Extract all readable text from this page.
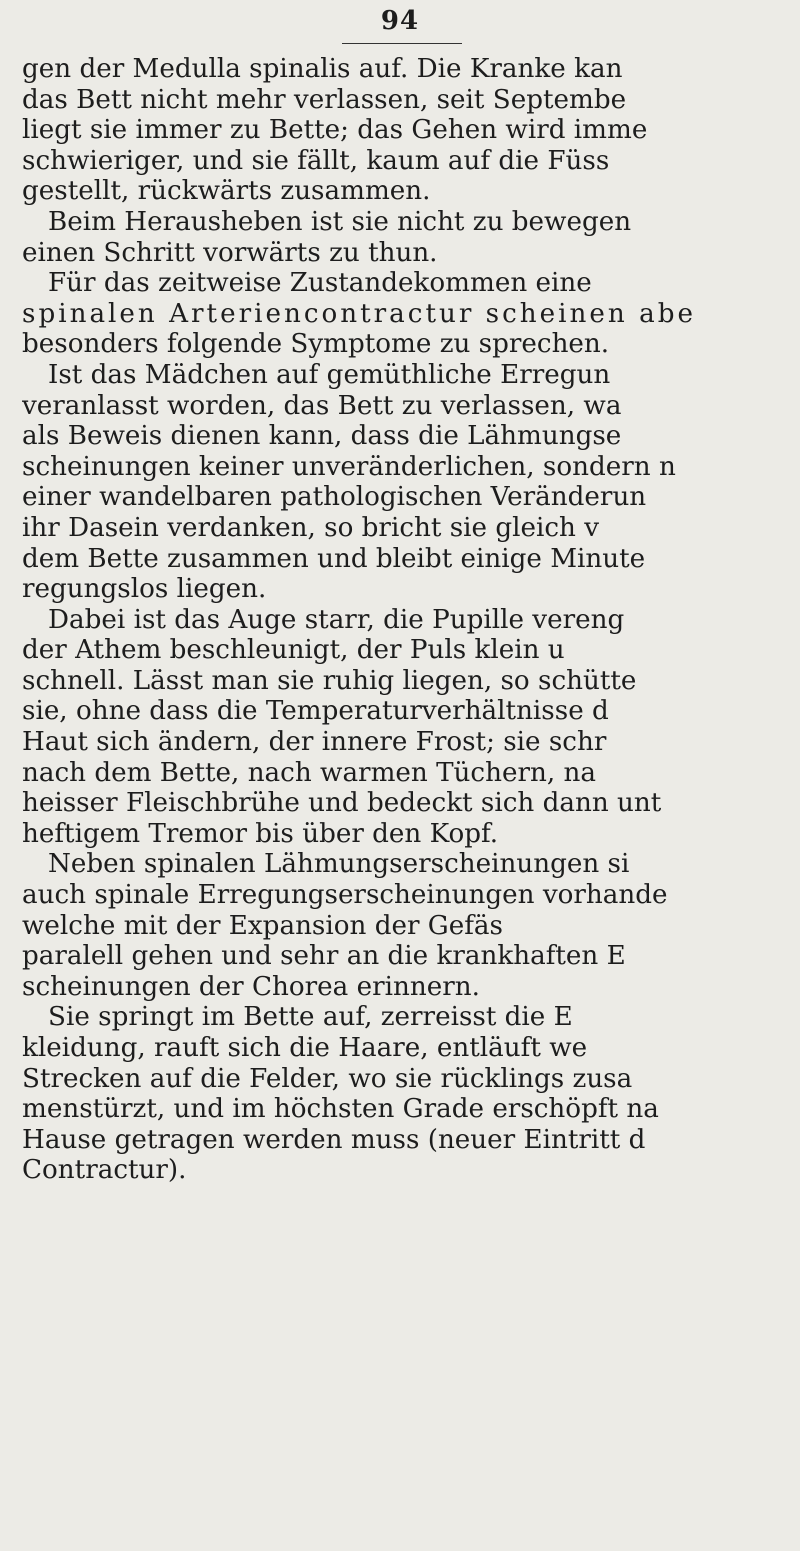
94
gen der Medulla spinalis auf. Die Kranke kan
das Bett nicht mehr verlassen, seit Septembe
liegt sie immer zu Bette; das Gehen wird imme
schwieriger, und sie fällt, kaum auf die Füss
gestellt, rückwärts zusammen.
Beim Herausheben ist sie nicht zu bewegen
einen Schritt vorwärts zu thun.
Für das zeitweise Zustandekommen eine
spinalen Arteriencontractur scheinen abe
besonders folgende Symptome zu sprechen.
Ist das Mädchen auf gemüthliche Erregun
veranlasst worden, das Bett zu verlassen, wa
als Beweis dienen kann, dass die Lähmungse
scheinungen keiner unveränderlichen, sondern n
einer wandelbaren pathologischen Veränderun
ihr Dasein verdanken, so bricht sie gleich v
dem Bette zusammen und bleibt einige Minute
regungslos liegen.
Dabei ist das Auge starr, die Pupille vereng
der Athem beschleunigt, der Puls klein u
schnell. Lässt man sie ruhig liegen, so schütte
sie, ohne dass die Temperaturverhältnisse d
Haut sich ändern, der innere Frost; sie schr
nach dem Bette, nach warmen Tüchern, na
heisser Fleischbrühe und bedeckt sich dann unt
heftigem Tremor bis über den Kopf.
Neben spinalen Lähmungserscheinungen si
auch spinale Erregungserscheinungen vorhande
welche mit der Expansion der Gefäs
paralell gehen und sehr an die krankhaften E
scheinungen der Chorea erinnern.
Sie springt im Bette auf, zerreisst die E
kleidung, rauft sich die Haare, entläuft we
Strecken auf die Felder, wo sie rücklings zusa
menstürzt, und im höchsten Grade erschöpft na
Hause getragen werden muss (neuer Eintritt d
Contractur).
